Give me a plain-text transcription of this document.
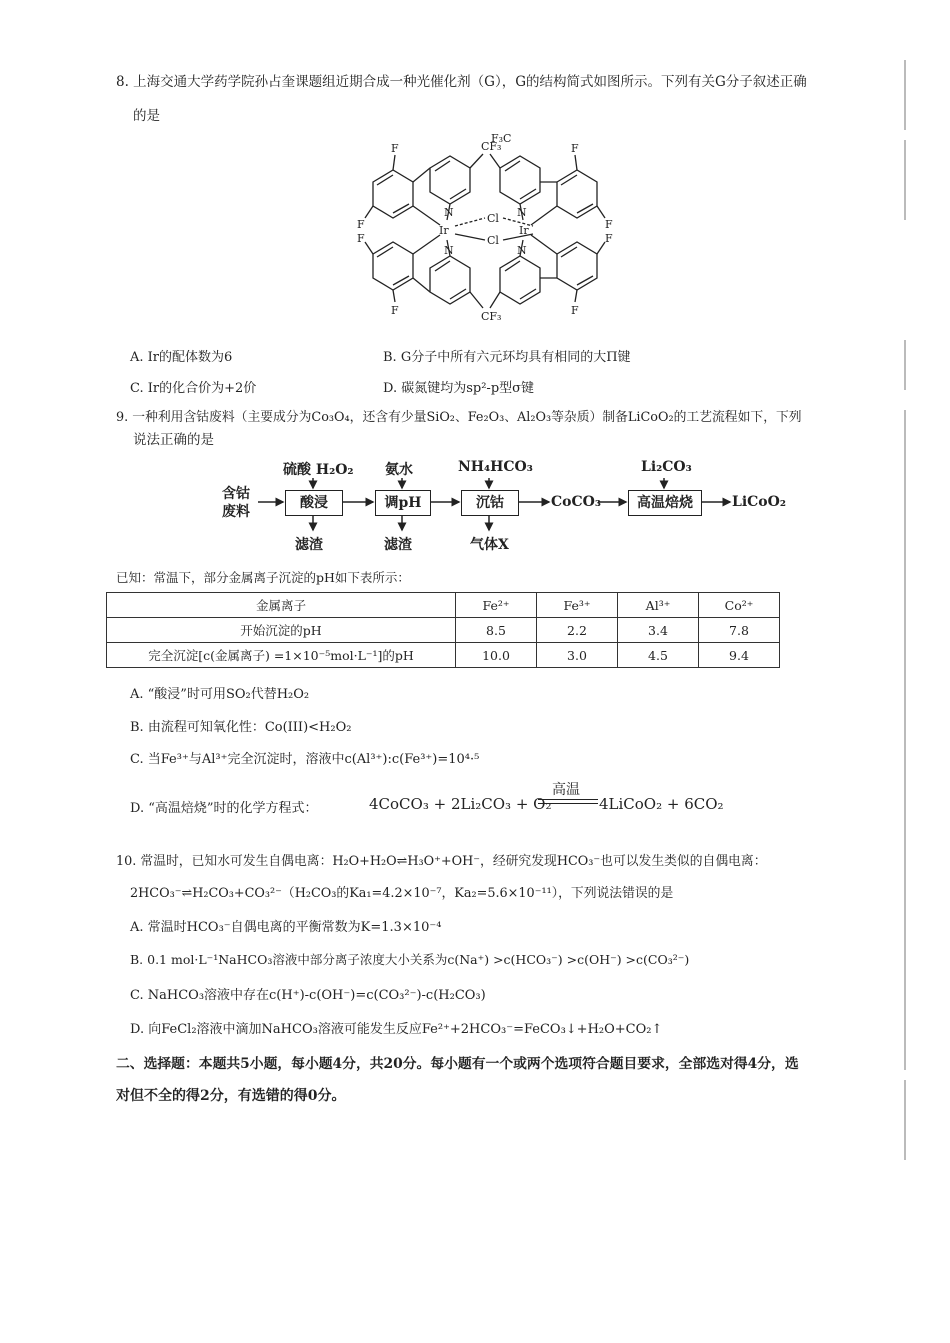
8. 上海交通大学药学院孙占奎课题组近期合成一种光催化剂（G），G的结构简式如图所示。下列有关G分子叙述正确
的是
F
F
F
F
F
F
F
F
CF₃
CF₃
F₃C
N
N
N
N
Ir	Ir
Cl
Cl
A. Ir的配体数为6	B. G分子中所有六元环均具有相同的大Π键
C. Ir的化合价为+2价	D. 碳氮键均为sp²-p型σ键
9. 一种利用含钴废料（主要成分为Co₃O₄，还含有少量SiO₂、Fe₂O₃、Al₂O₃等杂质）制备LiCoO₂的工艺流程如下，下列
说法正确的是
含钴
废料
硫酸 H₂O₂ 氨水	NH₄HCO₃	Li₂CO₃
酸浸	调pH	沉钴	高温焙烧
CoCO₃	LiCoO₂
滤渣	滤渣	气体X
已知：常温下，部分金属离子沉淀的pH如下表所示：
金属离子	Fe²⁺	Fe³⁺	Al³⁺	Co²⁺
开始沉淀的pH	8.5	2.2	3.4	7.8
完全沉淀[c(金属离子) =1×10⁻⁵mol·L⁻¹]的pH	10.0	3.0	4.5	9.4
A. “酸浸”时可用SO₂代替H₂O₂
B. 由流程可知氧化性：Co(III)<H₂O₂
C. 当Fe³⁺与Al³⁺完全沉淀时，溶液中c(Al³⁺):c(Fe³⁺)=10⁴·⁵
D. “高温焙烧”时的化学方程式：	4CoCO₃ + 2Li₂CO₃ + O₂
高温
4LiCoO₂ + 6CO₂
10. 常温时，已知水可发生自偶电离：H₂O+H₂O⇌H₃O⁺+OH⁻，经研究发现HCO₃⁻也可以发生类似的自偶电离：
2HCO₃⁻⇌H₂CO₃+CO₃²⁻（H₂CO₃的Ka₁=4.2×10⁻⁷，Ka₂=5.6×10⁻¹¹），下列说法错误的是
A. 常温时HCO₃⁻自偶电离的平衡常数为K=1.3×10⁻⁴
B. 0.1 mol·L⁻¹NaHCO₃溶液中部分离子浓度大小关系为c(Na⁺) >c(HCO₃⁻) >c(OH⁻) >c(CO₃²⁻)
C. NaHCO₃溶液中存在c(H⁺)-c(OH⁻)=c(CO₃²⁻)-c(H₂CO₃)
D. 向FeCl₂溶液中滴加NaHCO₃溶液可能发生反应Fe²⁺+2HCO₃⁻=FeCO₃↓+H₂O+CO₂↑
二、选择题：本题共5小题，每小题4分，共20分。每小题有一个或两个选项符合题目要求，全部选对得4分，选
对但不全的得2分，有选错的得0分。
